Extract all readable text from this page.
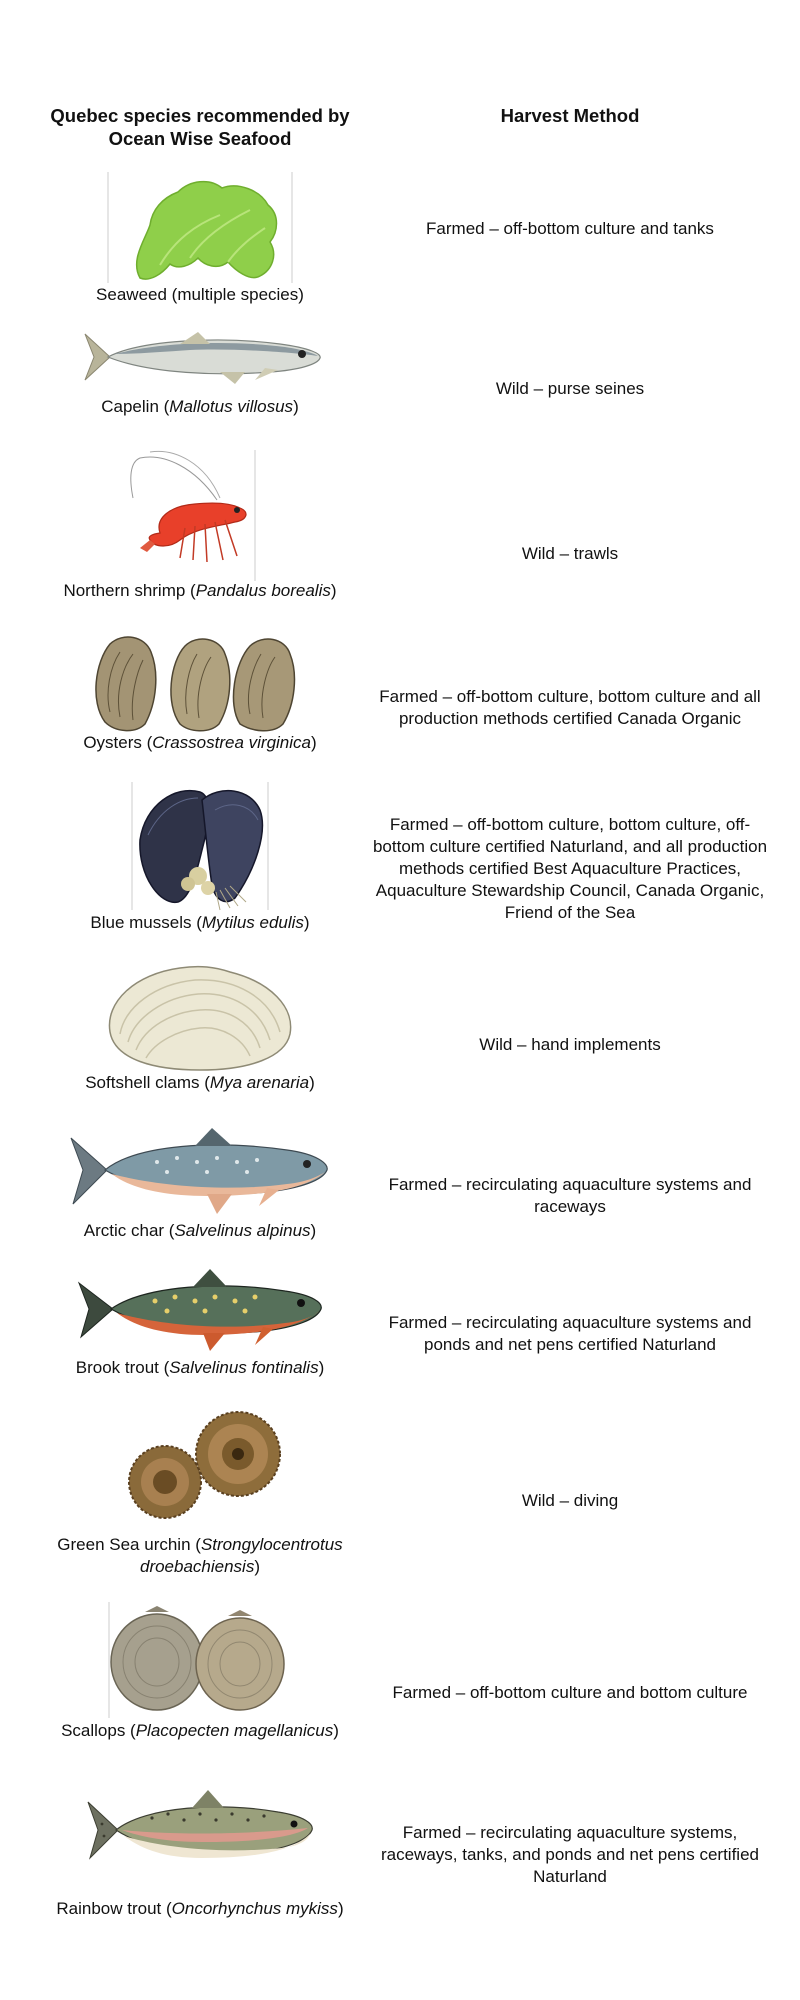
Quebec species recommended by Ocean Wise Seafood
Harvest Method
Seaweed (multiple species)
Farmed – off-bottom culture and tanks
Capelin (Mallotus villosus)
Wild – purse seines
Northern shrimp (Pandalus borealis)
Wild – trawls
Oysters (Crassostrea virginica)
Farmed – off-bottom culture, bottom culture and all production methods certified Canada Organic
Blue mussels (Mytilus edulis)
Farmed – off-bottom culture, bottom culture, off-bottom culture certified Naturland, and all production methods certified Best Aquaculture Practices, Aquaculture Stewardship Council, Canada Organic, Friend of the Sea
Softshell clams (Mya arenaria)
Wild – hand implements
Arctic char (Salvelinus alpinus)
Farmed – recirculating aquaculture systems and raceways
Brook trout (Salvelinus fontinalis)
Farmed – recirculating aquaculture systems and ponds and net pens certified Naturland
Green Sea urchin (Strongylocentrotus droebachiensis)
Wild – diving
Scallops (Placopecten magellanicus)
Farmed – off-bottom culture and bottom culture
Rainbow trout (Oncorhynchus mykiss)
Farmed – recirculating aquaculture systems, raceways, tanks, and ponds and net pens certified Naturland
